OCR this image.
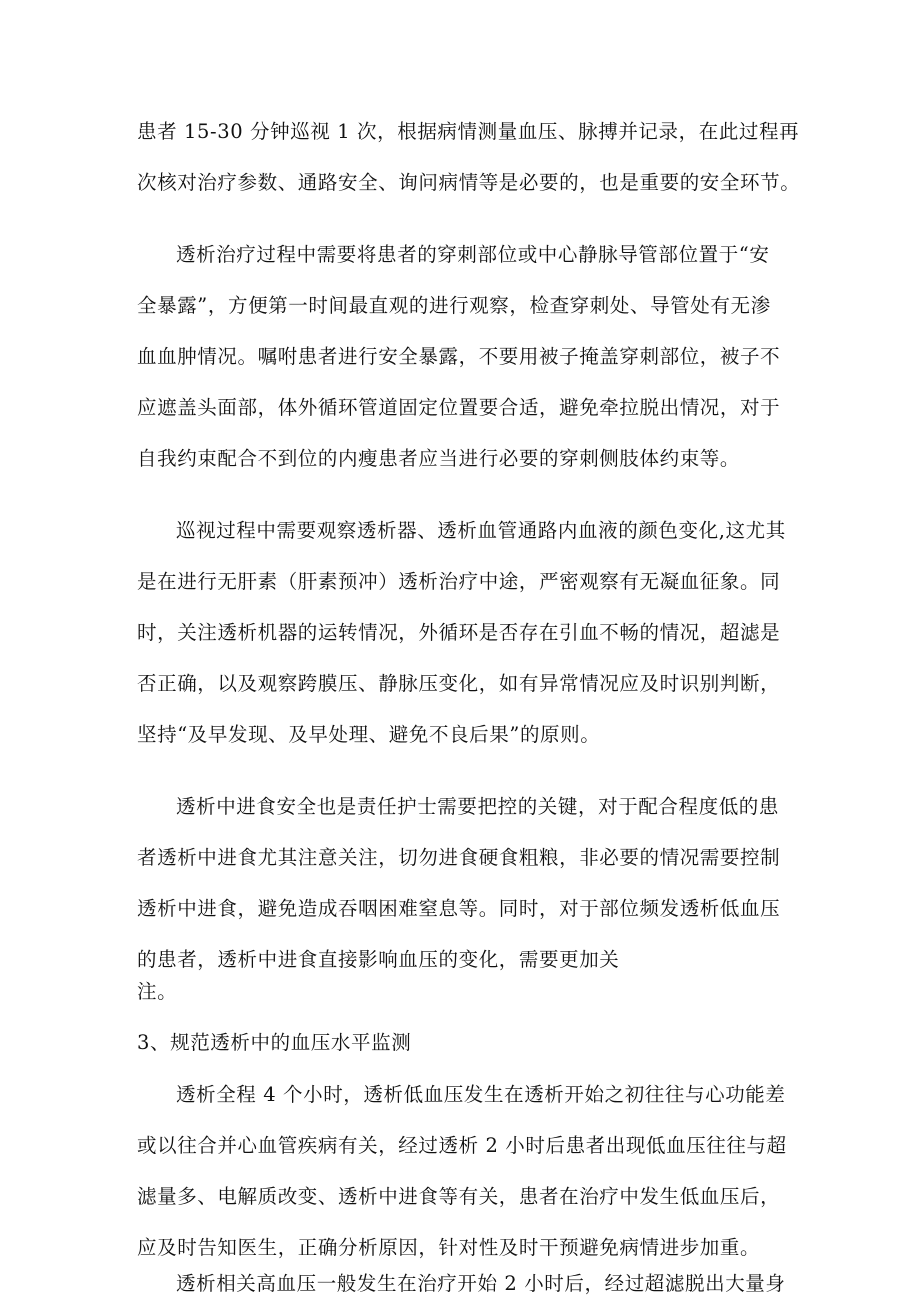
患者 15-30 分钟巡视 1 次，根据病情测量血压、脉搏并记录，在此过程再
次核对治疗参数、通路安全、询问病情等是必要的，也是重要的安全环节。
透析治疗过程中需要将患者的穿刺部位或中心静脉导管部位置于“安
全暴露”，方便第一时间最直观的进行观察，检查穿刺处、导管处有无渗
血血肿情况。嘱咐患者进行安全暴露，不要用被子掩盖穿刺部位，被子不
应遮盖头面部，体外循环管道固定位置要合适，避免牵拉脱出情况，对于
自我约束配合不到位的内瘦患者应当进行必要的穿刺侧肢体约束等。
巡视过程中需要观察透析器、透析血管通路内血液的颜色变化,这尤其
是在进行无肝素（肝素预冲）透析治疗中途，严密观察有无凝血征象。同
时，关注透析机器的运转情况，外循环是否存在引血不畅的情况，超滤是
否正确，以及观察跨膜压、静脉压变化，如有异常情况应及时识别判断，
坚持“及早发现、及早处理、避免不良后果”的原则。
透析中进食安全也是责任护士需要把控的关键，对于配合程度低的患
者透析中进食尤其注意关注，切勿进食硬食粗粮，非必要的情况需要控制
透析中进食，避免造成吞咽困难窒息等。同时，对于部位频发透析低血压
的患者，透析中进食直接影响血压的变化，需要更加关
注。
3、规范透析中的血压水平监测
透析全程 4 个小时，透析低血压发生在透析开始之初往往与心功能差
或以往合并心血管疾病有关，经过透析 2 小时后患者出现低血压往往与超
滤量多、电解质改变、透析中进食等有关，患者在治疗中发生低血压后，
应及时告知医生，正确分析原因，针对性及时干预避免病情进步加重。
透析相关高血压一般发生在治疗开始 2 小时后，经过超滤脱出大量身
